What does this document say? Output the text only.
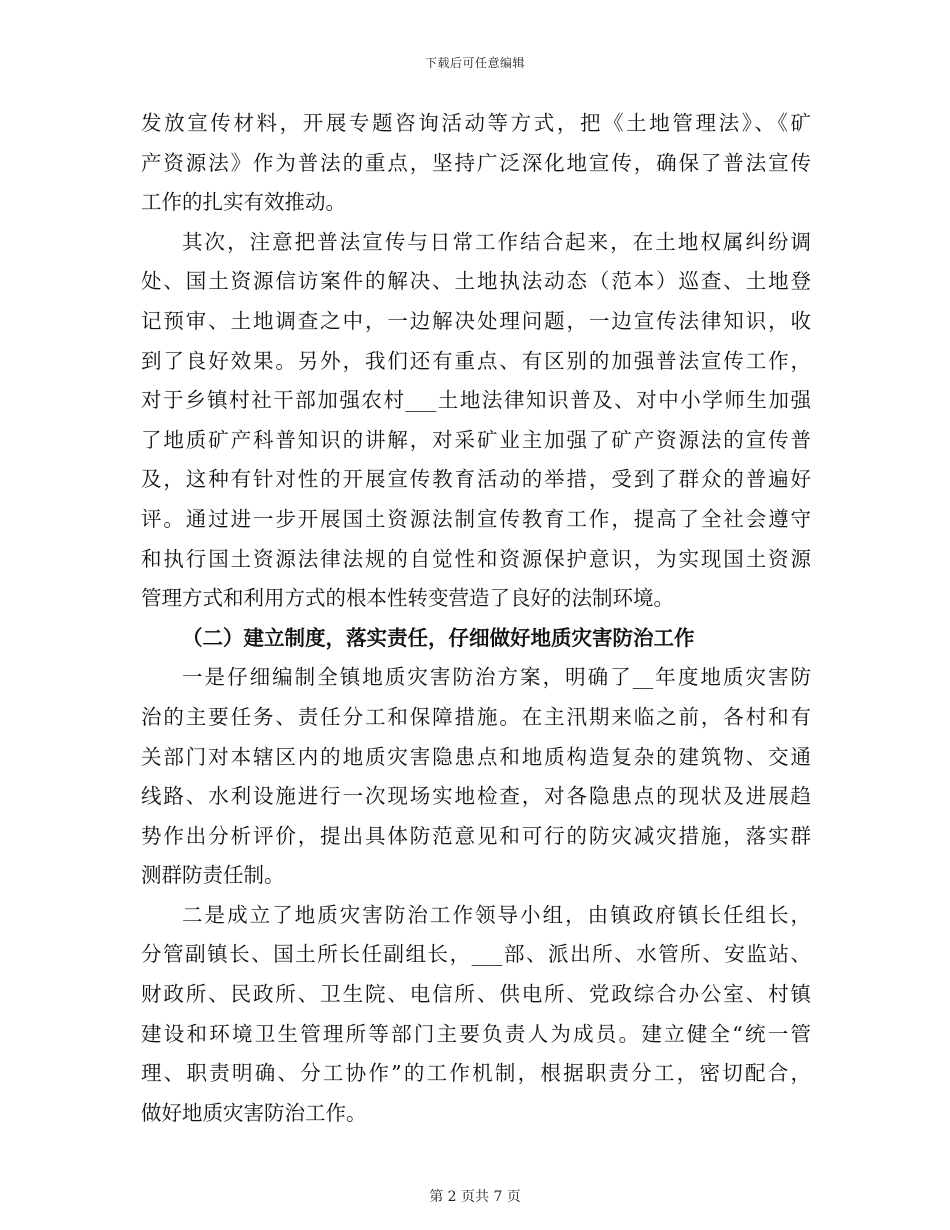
下载后可任意编辑
发放宣传材料，开展专题咨询活动等方式，把《土地管理法》、《矿
产资源法》作为普法的重点，坚持广泛深化地宣传，确保了普法宣传
工作的扎实有效推动。
其次，注意把普法宣传与日常工作结合起来，在土地权属纠纷调
处、国土资源信访案件的解决、土地执法动态（范本）巡查、土地登
记预审、土地调查之中，一边解决处理问题，一边宣传法律知识，收
到了良好效果。另外，我们还有重点、有区别的加强普法宣传工作，
对于乡镇村社干部加强农村___土地法律知识普及、对中小学师生加强
了地质矿产科普知识的讲解，对采矿业主加强了矿产资源法的宣传普
及，这种有针对性的开展宣传教育活动的举措，受到了群众的普遍好
评。通过进一步开展国土资源法制宣传教育工作，提高了全社会遵守
和执行国土资源法律法规的自觉性和资源保护意识，为实现国土资源
管理方式和利用方式的根本性转变营造了良好的法制环境。
（二）建立制度，落实责任，仔细做好地质灾害防治工作
一是仔细编制全镇地质灾害防治方案，明确了__年度地质灾害防
治的主要任务、责任分工和保障措施。在主汛期来临之前，各村和有
关部门对本辖区内的地质灾害隐患点和地质构造复杂的建筑物、交通
线路、水利设施进行一次现场实地检查，对各隐患点的现状及进展趋
势作出分析评价，提出具体防范意见和可行的防灾减灾措施，落实群
测群防责任制。
二是成立了地质灾害防治工作领导小组，由镇政府镇长任组长，
分管副镇长、国土所长任副组长，___部、派出所、水管所、安监站、
财政所、民政所、卫生院、电信所、供电所、党政综合办公室、村镇
建设和环境卫生管理所等部门主要负责人为成员。建立健全“统一管
理、职责明确、分工协作”的工作机制，根据职责分工，密切配合，
做好地质灾害防治工作。
第 2 页共 7 页
